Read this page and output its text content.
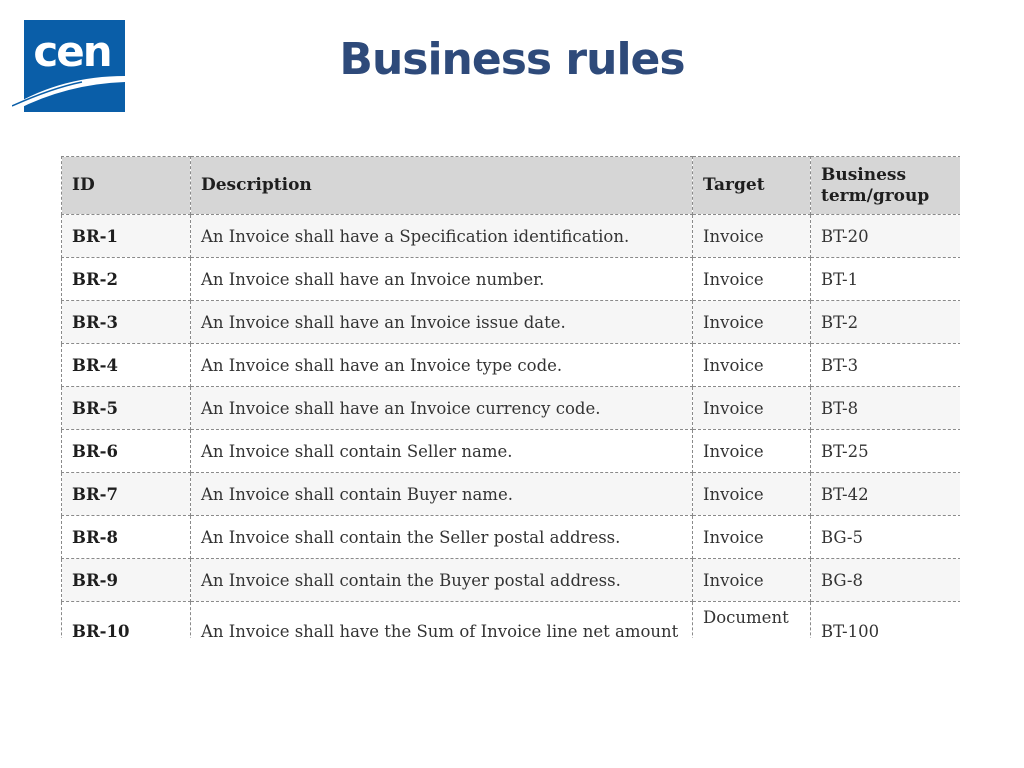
cen	Business rules
ID	Description	Target	Business
term/group
BR-1	An Invoice shall have a Specification identification.	Invoice	BT-20
BR-2	An Invoice shall have an Invoice number.	Invoice	BT-1
BR-3	An Invoice shall have an Invoice issue date.	Invoice	BT-2
BR-4	An Invoice shall have an Invoice type code.	Invoice	BT-3
BR-5	An Invoice shall have an Invoice currency code.	Invoice	BT-8
BR-6	An Invoice shall contain Seller name.	Invoice	BT-25
BR-7	An Invoice shall contain Buyer name.	Invoice	BT-42
BR-8	An Invoice shall contain the Seller postal address.	Invoice	BG-5
BR-9	An Invoice shall contain the Buyer postal address.	Invoice	BG-8
BR-10	An Invoice shall have the Sum of Invoice line net amount	Document	BT-100
